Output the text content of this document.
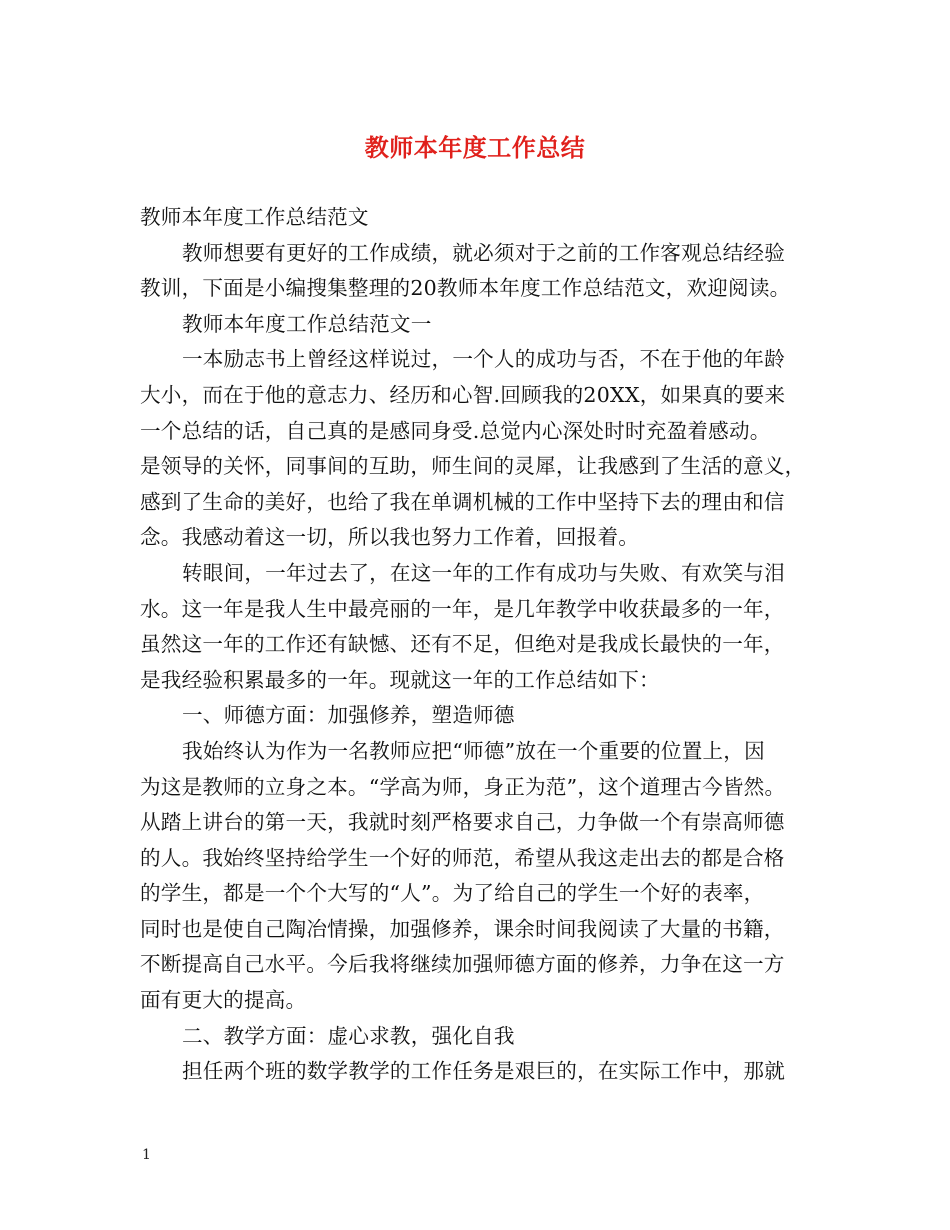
教师本年度工作总结
教师本年度工作总结范文
教师想要有更好的工作成绩，就必须对于之前的工作客观总结经验
教训，下面是小编搜集整理的20教师本年度工作总结范文，欢迎阅读。
教师本年度工作总结范文一
一本励志书上曾经这样说过，一个人的成功与否，不在于他的年龄
大小，而在于他的意志力、经历和心智.回顾我的20XX，如果真的要来
一个总结的话，自己真的是感同身受.总觉内心深处时时充盈着感动。
是领导的关怀，同事间的互助，师生间的灵犀，让我感到了生活的意义，
感到了生命的美好，也给了我在单调机械的工作中坚持下去的理由和信
念。我感动着这一切，所以我也努力工作着，回报着。
转眼间，一年过去了，在这一年的工作有成功与失败、有欢笑与泪
水。这一年是我人生中最亮丽的一年，是几年教学中收获最多的一年，
虽然这一年的工作还有缺憾、还有不足，但绝对是我成长最快的一年，
是我经验积累最多的一年。现就这一年的工作总结如下：
一、师德方面：加强修养，塑造师德
我始终认为作为一名教师应把“师德”放在一个重要的位置上，因
为这是教师的立身之本。“学高为师，身正为范”，这个道理古今皆然。
从踏上讲台的第一天，我就时刻严格要求自己，力争做一个有崇高师德
的人。我始终坚持给学生一个好的师范，希望从我这走出去的都是合格
的学生，都是一个个大写的“人”。为了给自己的学生一个好的表率，
同时也是使自己陶冶情操，加强修养，课余时间我阅读了大量的书籍，
不断提高自己水平。今后我将继续加强师德方面的修养，力争在这一方
面有更大的提高。
二、教学方面：虚心求教，强化自我
担任两个班的数学教学的工作任务是艰巨的，在实际工作中，那就
1
